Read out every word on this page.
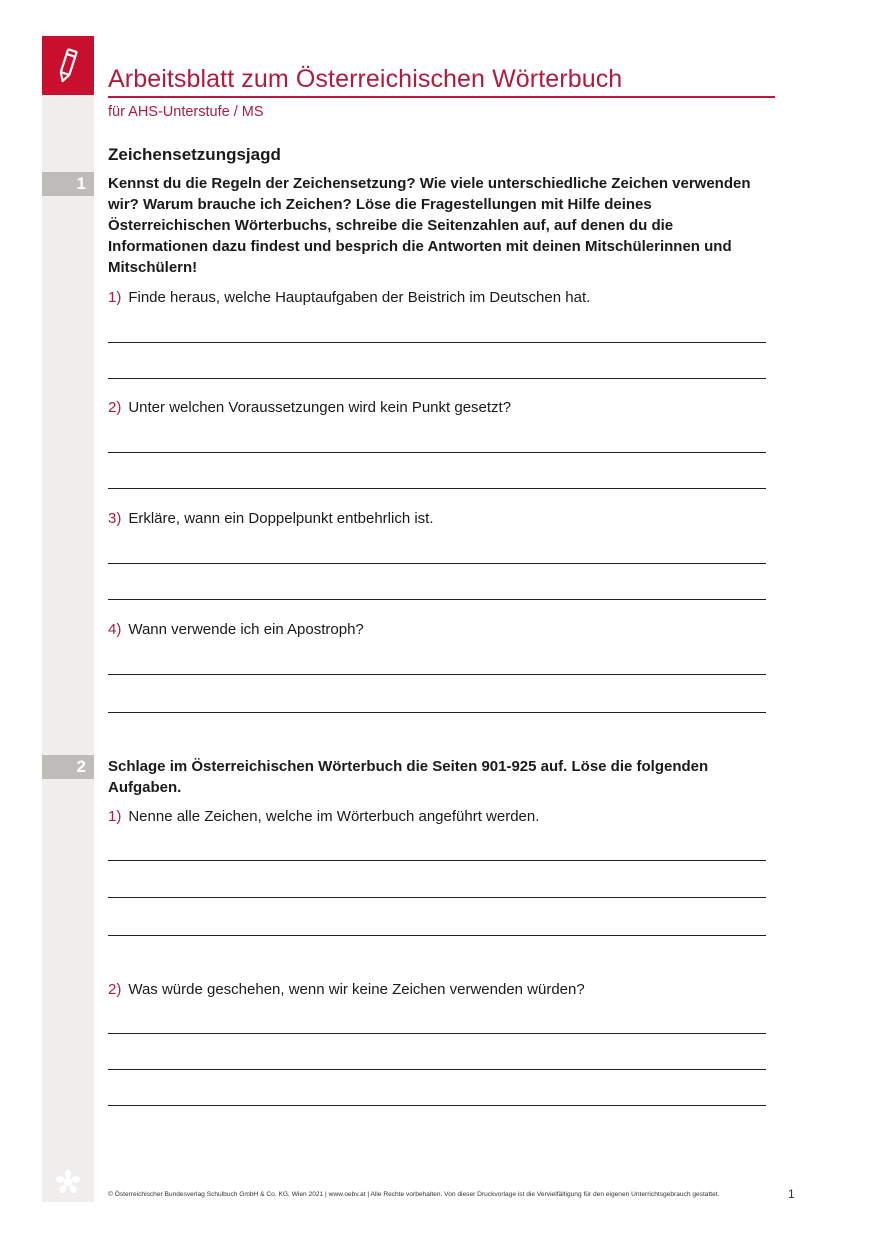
Arbeitsblatt zum Österreichischen Wörterbuch
für AHS-Unterstufe / MS
Zeichensetzungsjagd
1	Kennst du die Regeln der Zeichensetzung? Wie viele unterschiedliche Zeichen verwenden wir? Warum brauche ich Zeichen? Löse die Fragestellungen mit Hilfe deines Österreichischen Wörterbuchs, schreibe die Seitenzahlen auf, auf denen du die Informationen dazu findest und besprich die Antworten mit deinen Mitschülerinnen und Mitschülern!
1) Finde heraus, welche Hauptaufgaben der Beistrich im Deutschen hat.
2) Unter welchen Voraussetzungen wird kein Punkt gesetzt?
3) Erkläre, wann ein Doppelpunkt entbehrlich ist.
4) Wann verwende ich ein Apostroph?
2	Schlage im Österreichischen Wörterbuch die Seiten 901-925 auf. Löse die folgenden Aufgaben.
1) Nenne alle Zeichen, welche im Wörterbuch angeführt werden.
2) Was würde geschehen, wenn wir keine Zeichen verwenden würden?
© Österreichischer Bundesverlag Schulbuch GmbH & Co. KG, Wien 2021 | www.oebv.at | Alle Rechte vorbehalten. Von dieser Druckvorlage ist die Vervielfältigung für den eigenen Unterrichtsgebrauch gestattet.	1
